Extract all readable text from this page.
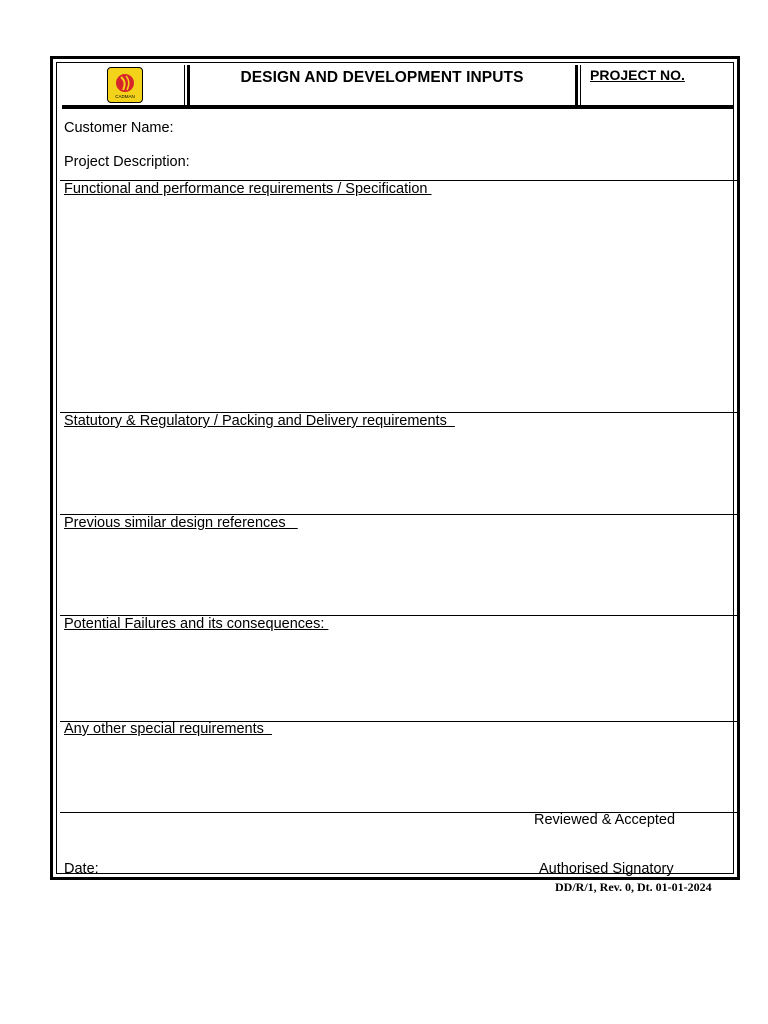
CADMAN
DESIGN AND DEVELOPMENT INPUTS	PROJECT NO.
Customer Name:
Project Description:
Functional and performance requirements / Specification
Statutory & Regulatory / Packing and Delivery requirements
Previous similar design references
Potential Failures and its consequences:
Any other special requirements
Reviewed & Accepted
Date:	Authorised Signatory
DD/R/1, Rev. 0, Dt. 01-01-2024
